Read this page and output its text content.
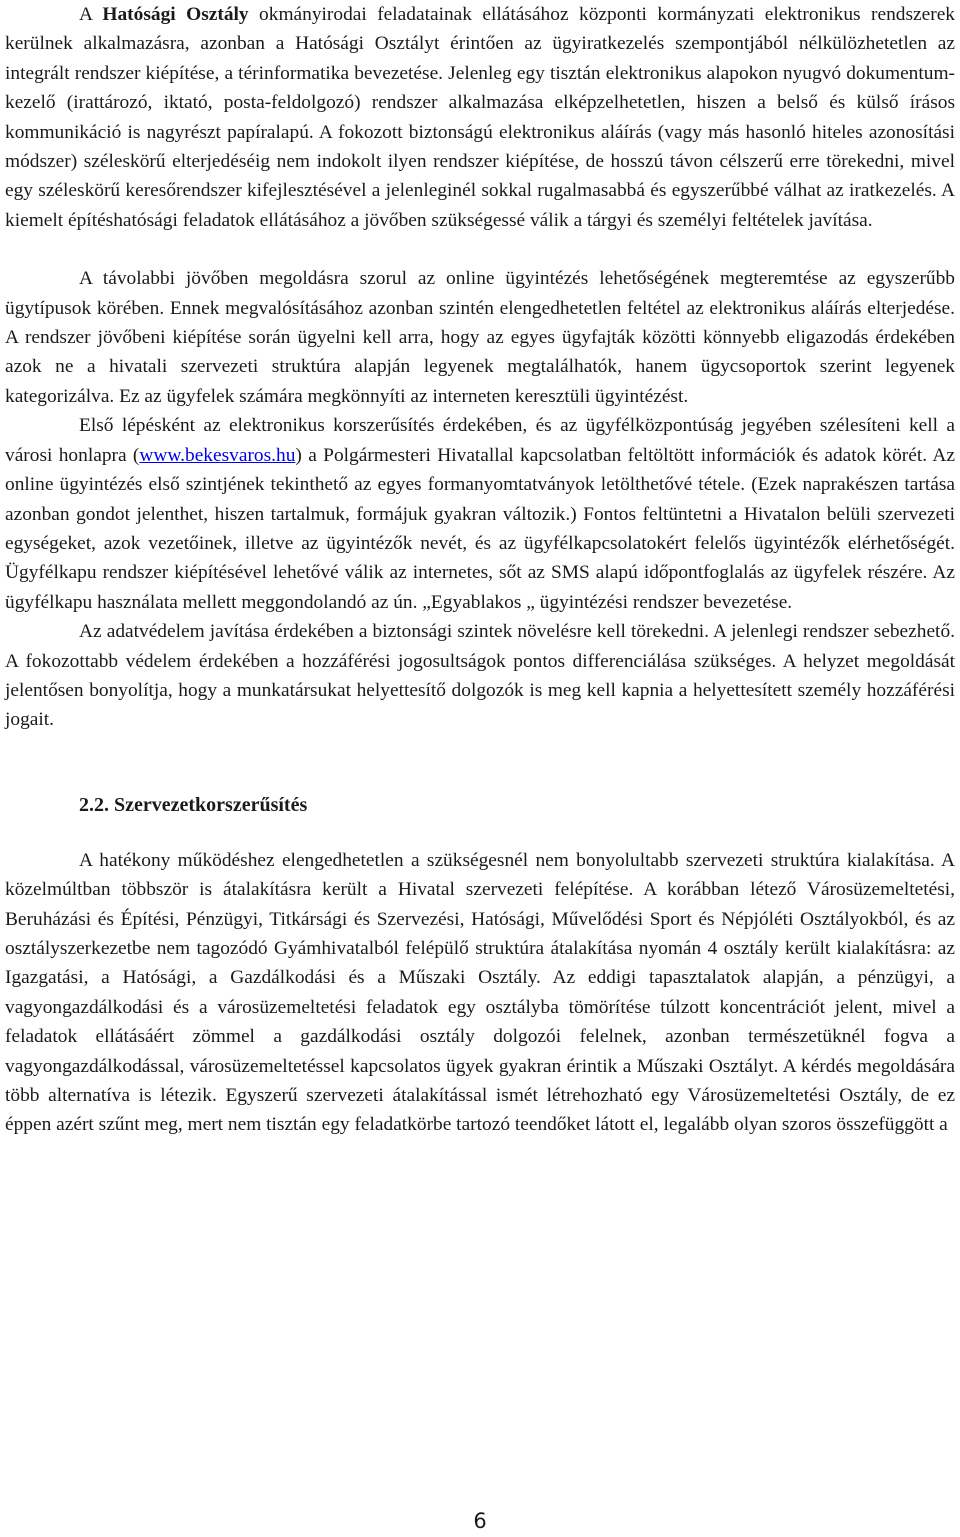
A Hatósági Osztály okmányirodai feladatainak ellátásához központi kormányzati elektronikus rendszerek kerülnek alkalmazásra, azonban a Hatósági Osztályt érintően az ügyiratkezelés szempontjából nélkülözhetetlen az integrált rendszer kiépítése, a térinformatika bevezetése. Jelenleg egy tisztán elektronikus alapokon nyugvó dokumentum-kezelő (irattározó, iktató, posta-feldolgozó) rendszer alkalmazása elképzelhetetlen, hiszen a belső és külső írásos kommunikáció is nagyrészt papíralapú. A fokozott biztonságú elektronikus aláírás (vagy más hasonló hiteles azonosítási módszer) széleskörű elterjedéséig nem indokolt ilyen rendszer kiépítése, de hosszú távon célszerű erre törekedni, mivel egy széleskörű keresőrendszer kifejlesztésével a jelenleginél sokkal rugalmasabbá és egyszerűbbé válhat az iratkezelés. A kiemelt építéshatósági feladatok ellátásához a jövőben szükségessé válik a tárgyi és személyi feltételek javítása.

A távolabbi jövőben megoldásra szorul az online ügyintézés lehetőségének megteremtése az egyszerűbb ügytípusok körében. Ennek megvalósításához azonban szintén elengedhetetlen feltétel az elektronikus aláírás elterjedése. A rendszer jövőbeni kiépítése során ügyelni kell arra, hogy az egyes ügyfajták közötti könnyebb eligazodás érdekében azok ne a hivatali szervezeti struktúra alapján legyenek megtalálhatók, hanem ügycsoportok szerint legyenek kategorizálva. Ez az ügyfelek számára megkönnyíti az interneten keresztüli ügyintézést.

Első lépésként az elektronikus korszerűsítés érdekében, és az ügyfélközpontúság jegyében szélesíteni kell a városi honlapra (www.bekesvaros.hu) a Polgármesteri Hivatallal kapcsolatban feltöltött információk és adatok körét. Az online ügyintézés első szintjének tekinthető az egyes formanyomtatványok letölthetővé tétele. (Ezek naprakészen tartása azonban gondot jelenthet, hiszen tartalmuk, formájuk gyakran változik.) Fontos feltüntetni a Hivatalon belüli szervezeti egységeket, azok vezetőinek, illetve az ügyintézők nevét, és az ügyfélkapcsolatokért felelős ügyintézők elérhetőségét. Ügyfélkapu rendszer kiépítésével lehetővé válik az internetes, sőt az SMS alapú időpontfoglalás az ügyfelek részére. Az ügyfélkapu használata mellett meggondolandó az ún. „Egyablakos „ ügyintézési rendszer bevezetése.

Az adatvédelem javítása érdekében a biztonsági szintek növelésre kell törekedni. A jelenlegi rendszer sebezhető. A fokozottabb védelem érdekében a hozzáférési jogosultságok pontos differenciálása szükséges. A helyzet megoldását jelentősen bonyolítja, hogy a munkatársukat helyettesítő dolgozók is meg kell kapnia a helyettesített személy hozzáférési jogait.

2.2. Szervezetkorszerűsítés

A hatékony működéshez elengedhetetlen a szükségesnél nem bonyolultabb szervezeti struktúra kialakítása. A közelmúltban többször is átalakításra került a Hivatal szervezeti felépítése. A korábban létező Városüzemeltetési, Beruházási és Építési, Pénzügyi, Titkársági és Szervezési, Hatósági, Művelődési Sport és Népjóléti Osztályokból, és az osztályszerkezetbe nem tagozódó Gyámhivatalból felépülő struktúra átalakítása nyomán 4 osztály került kialakításra: az Igazgatási, a Hatósági, a Gazdálkodási és a Műszaki Osztály. Az eddigi tapasztalatok alapján, a pénzügyi, a vagyongazdálkodási és a városüzemeltetési feladatok egy osztályba tömörítése túlzott koncentrációt jelent, mivel a feladatok ellátásáért zömmel a gazdálkodási osztály dolgozói felelnek, azonban természetüknél fogva a vagyongazdálkodással, városüzemeltetéssel kapcsolatos ügyek gyakran érintik a Műszaki Osztályt. A kérdés megoldására több alternatíva is létezik. Egyszerű szervezeti átalakítással ismét létrehozható egy Városüzemeltetési Osztály, de ez éppen azért szűnt meg, mert nem tisztán egy feladatkörbe tartozó teendőket látott el, legalább olyan szoros összefüggött a

6
